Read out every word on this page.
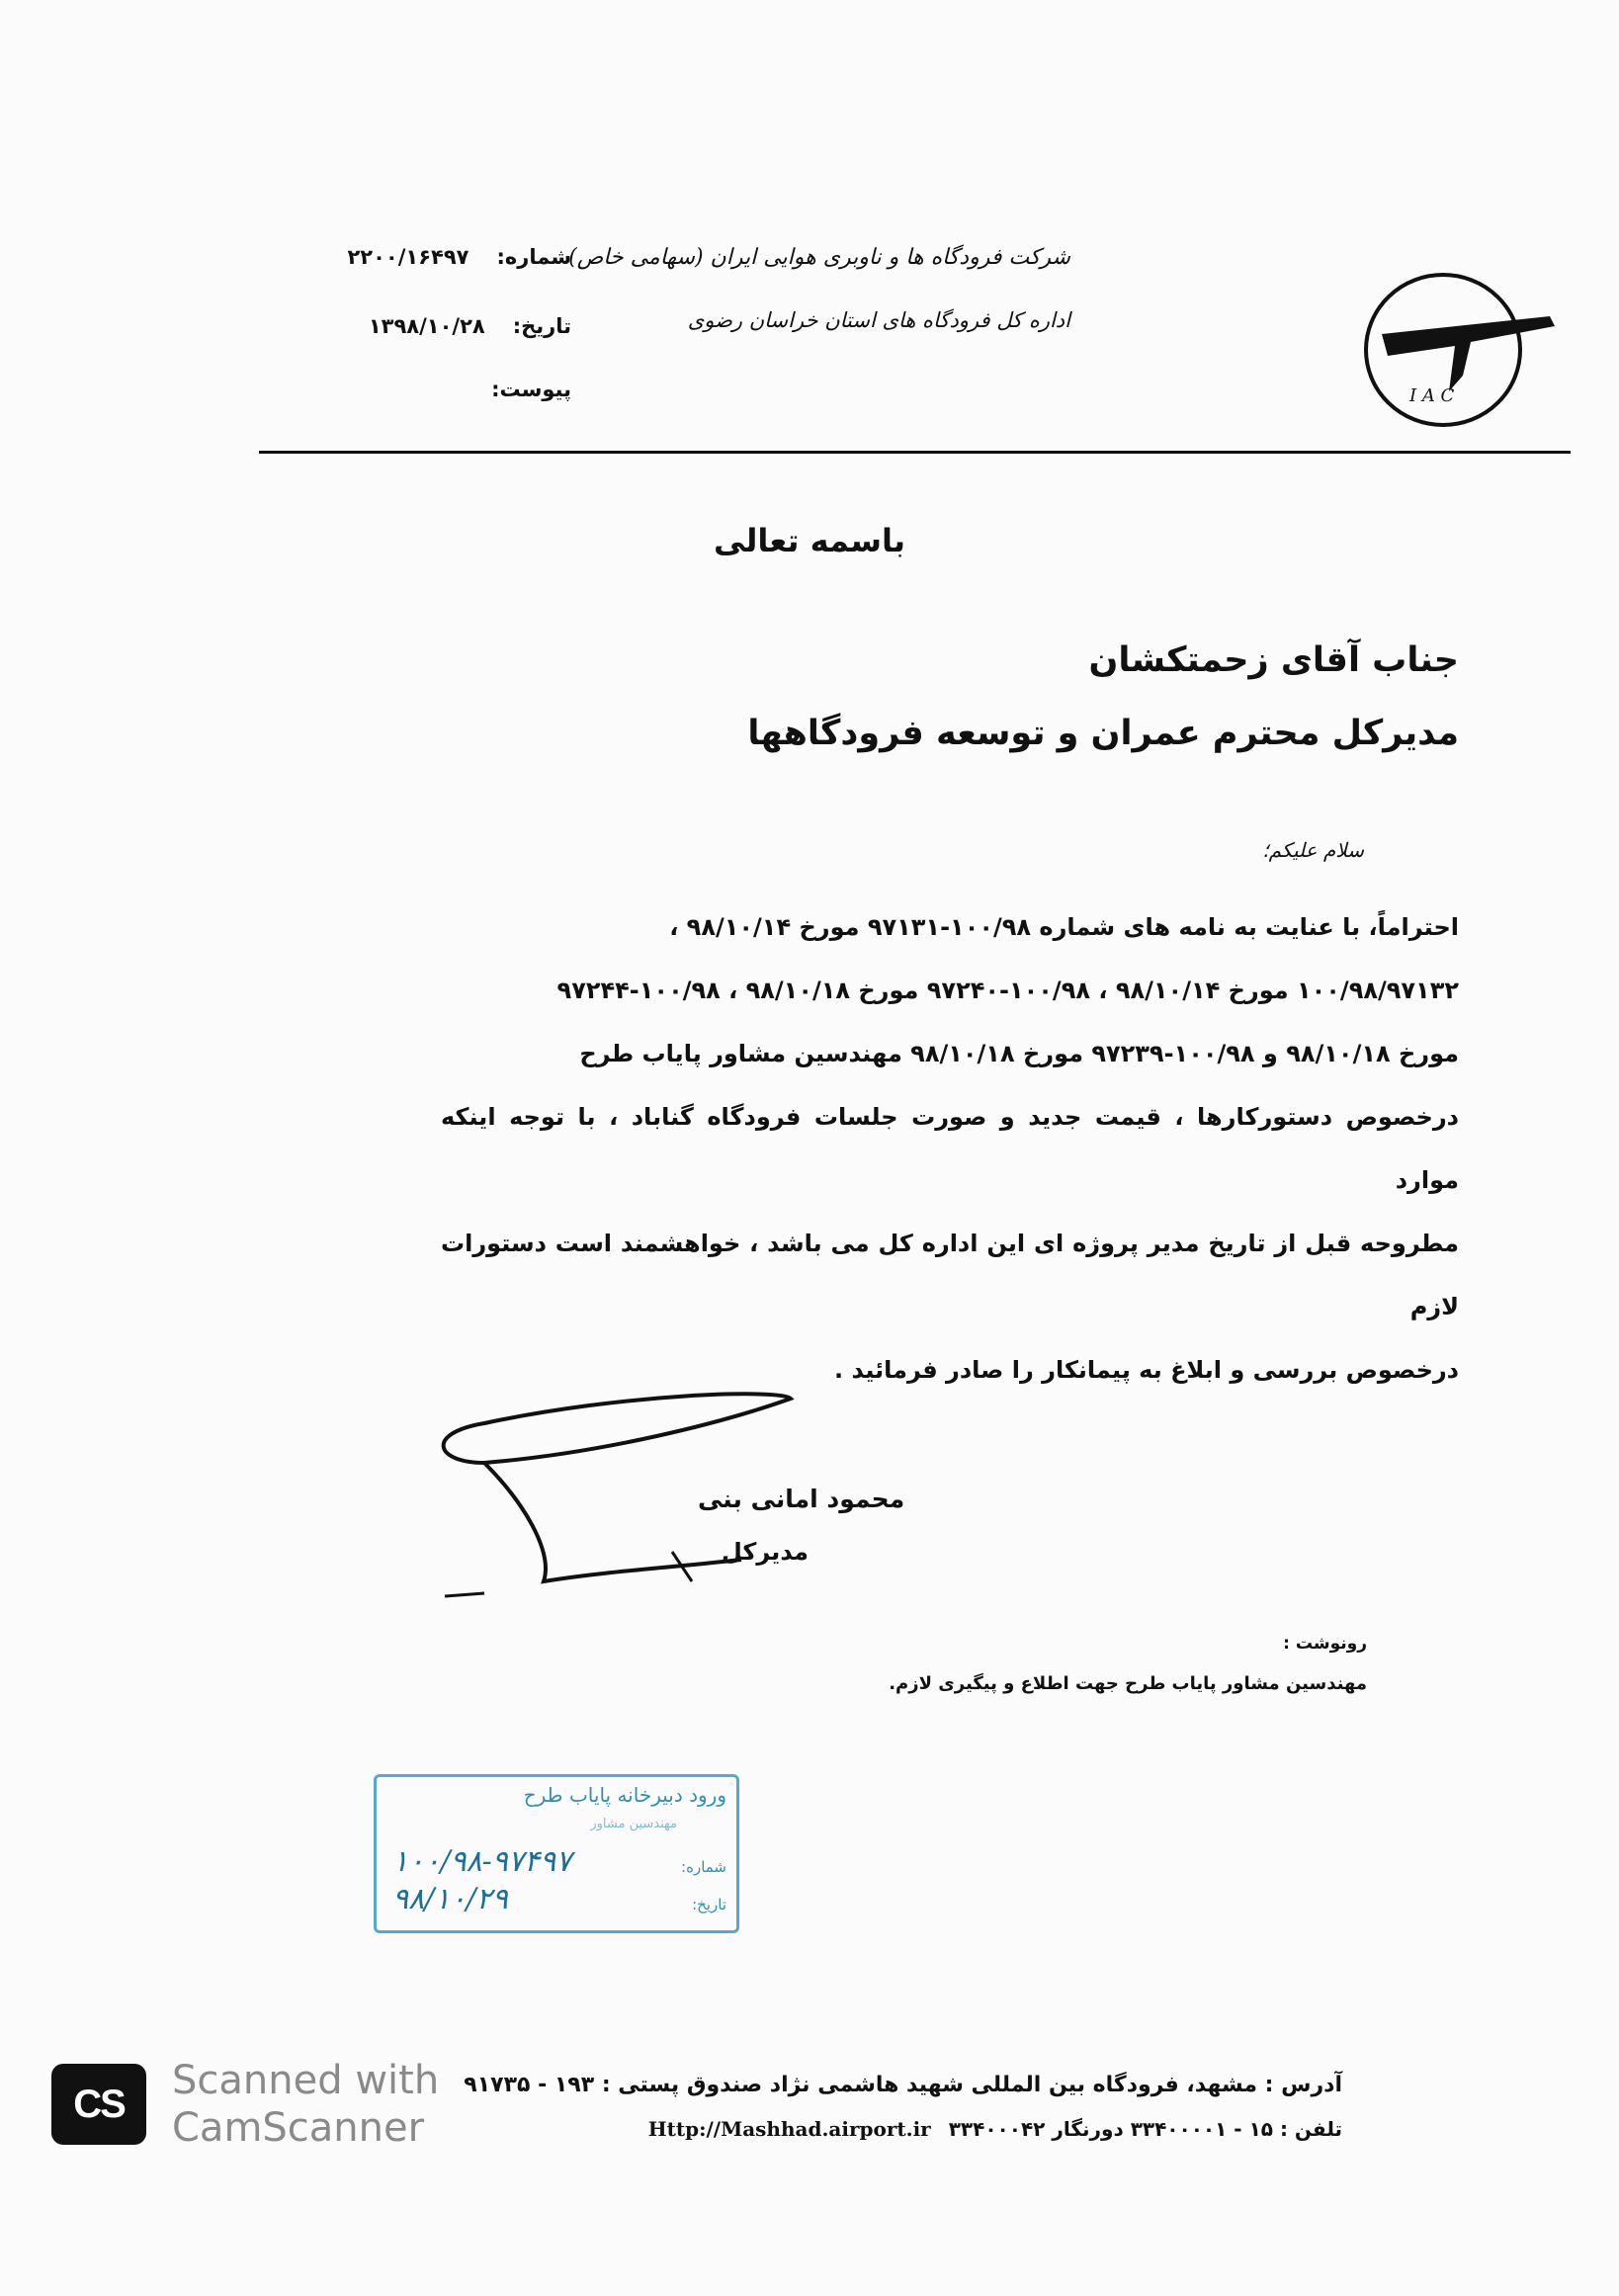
I A C
شرکت فرودگاه ها و ناوبری هوایی ایران (سهامی خاص)
اداره کل فرودگاه های استان خراسان رضوی
شماره:
۲۲۰۰/۱۶۴۹۷
تاریخ:
۱۳۹۸/۱۰/۲۸
پیوست:
باسمه تعالی
جناب آقای زحمتکشان
مدیرکل محترم عمران و توسعه فرودگاهها
سلام علیکم؛

احتراماً، با عنایت به نامه های شماره ۱۰۰/۹۸-۹۷۱۳۱ مورخ ۹۸/۱۰/۱۴ ،

۱۰۰/۹۸/۹۷۱۳۲ مورخ ۹۸/۱۰/۱۴ ، ۱۰۰/۹۸-۹۷۲۴۰ مورخ ۹۸/۱۰/۱۸ ، ۱۰۰/۹۸-۹۷۲۴۴

مورخ ۹۸/۱۰/۱۸ و ۱۰۰/۹۸-۹۷۲۳۹ مورخ ۹۸/۱۰/۱۸ مهندسین مشاور پایاب طرح

درخصوص دستورکارها ، قیمت جدید و صورت جلسات فرودگاه گناباد ، با توجه اینکه موارد

مطروحه قبل از تاریخ مدیر پروژه ای این اداره کل می باشد ، خواهشمند است دستورات لازم

درخصوص بررسی و ابلاغ به پیمانکار را صادر فرمائید .

محمود امانی بنی
مدیرکل
رونوشت :
مهندسین مشاور پایاب طرح جهت اطلاع و پیگیری لازم.
ورود دبیرخانه پایاب طرح
مهندسین مشاور
شماره:
۱۰۰/۹۸-۹۷۴۹۷
تاریخ:
۹۸/۱۰/۲۹
آدرس : مشهد، فرودگاه بین المللی شهید هاشمی نژاد صندوق پستی : ۱۹۳ - ۹۱۷۳۵
تلفن : ۱۵ - ۳۳۴۰۰۰۰۱ دورنگار ۳۳۴۰۰۰۴۲
Http://Mashhad.airport.ir
CS
Scanned with
CamScanner
